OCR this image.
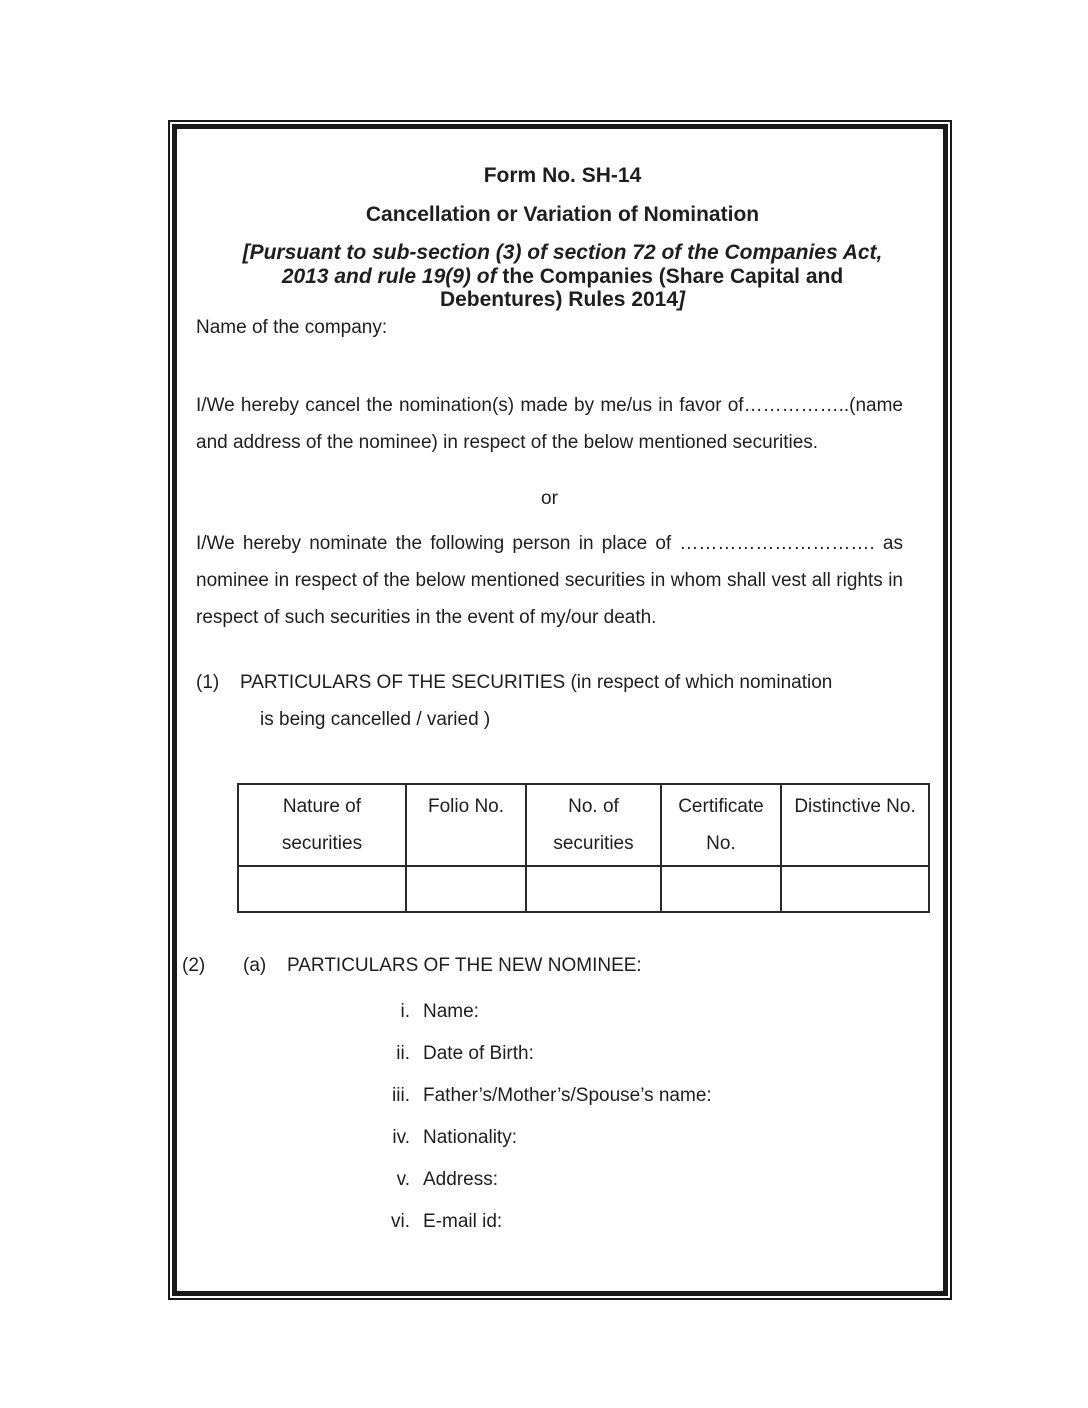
Form No. SH-14
Cancellation or Variation of Nomination
[Pursuant to sub-section (3) of section 72 of the Companies Act,
2013 and rule 19(9) of the Companies (Share Capital and
Debentures) Rules 2014]
Name of the company:

I/We hereby cancel the nomination(s) made by me/us in favor of……………..(name and address of the nominee) in respect of the below mentioned securities.

or

I/We hereby nominate the following person in place of …………………………. as nominee in respect of the below mentioned securities in whom shall vest all rights in respect of such securities in the event of my/our death.

(1)	PARTICULARS OF THE SECURITIES (in respect of which nomination
is being cancelled / varied )
Nature of securities	Folio No.	No. of securities	Certificate No.	Distinctive No.

(2)	(a)	PARTICULARS OF THE NEW NOMINEE:
i. Name:
ii. Date of Birth:
iii. Father’s/Mother’s/Spouse’s name:
iv. Nationality:
v. Address:
vi. E-mail id:
